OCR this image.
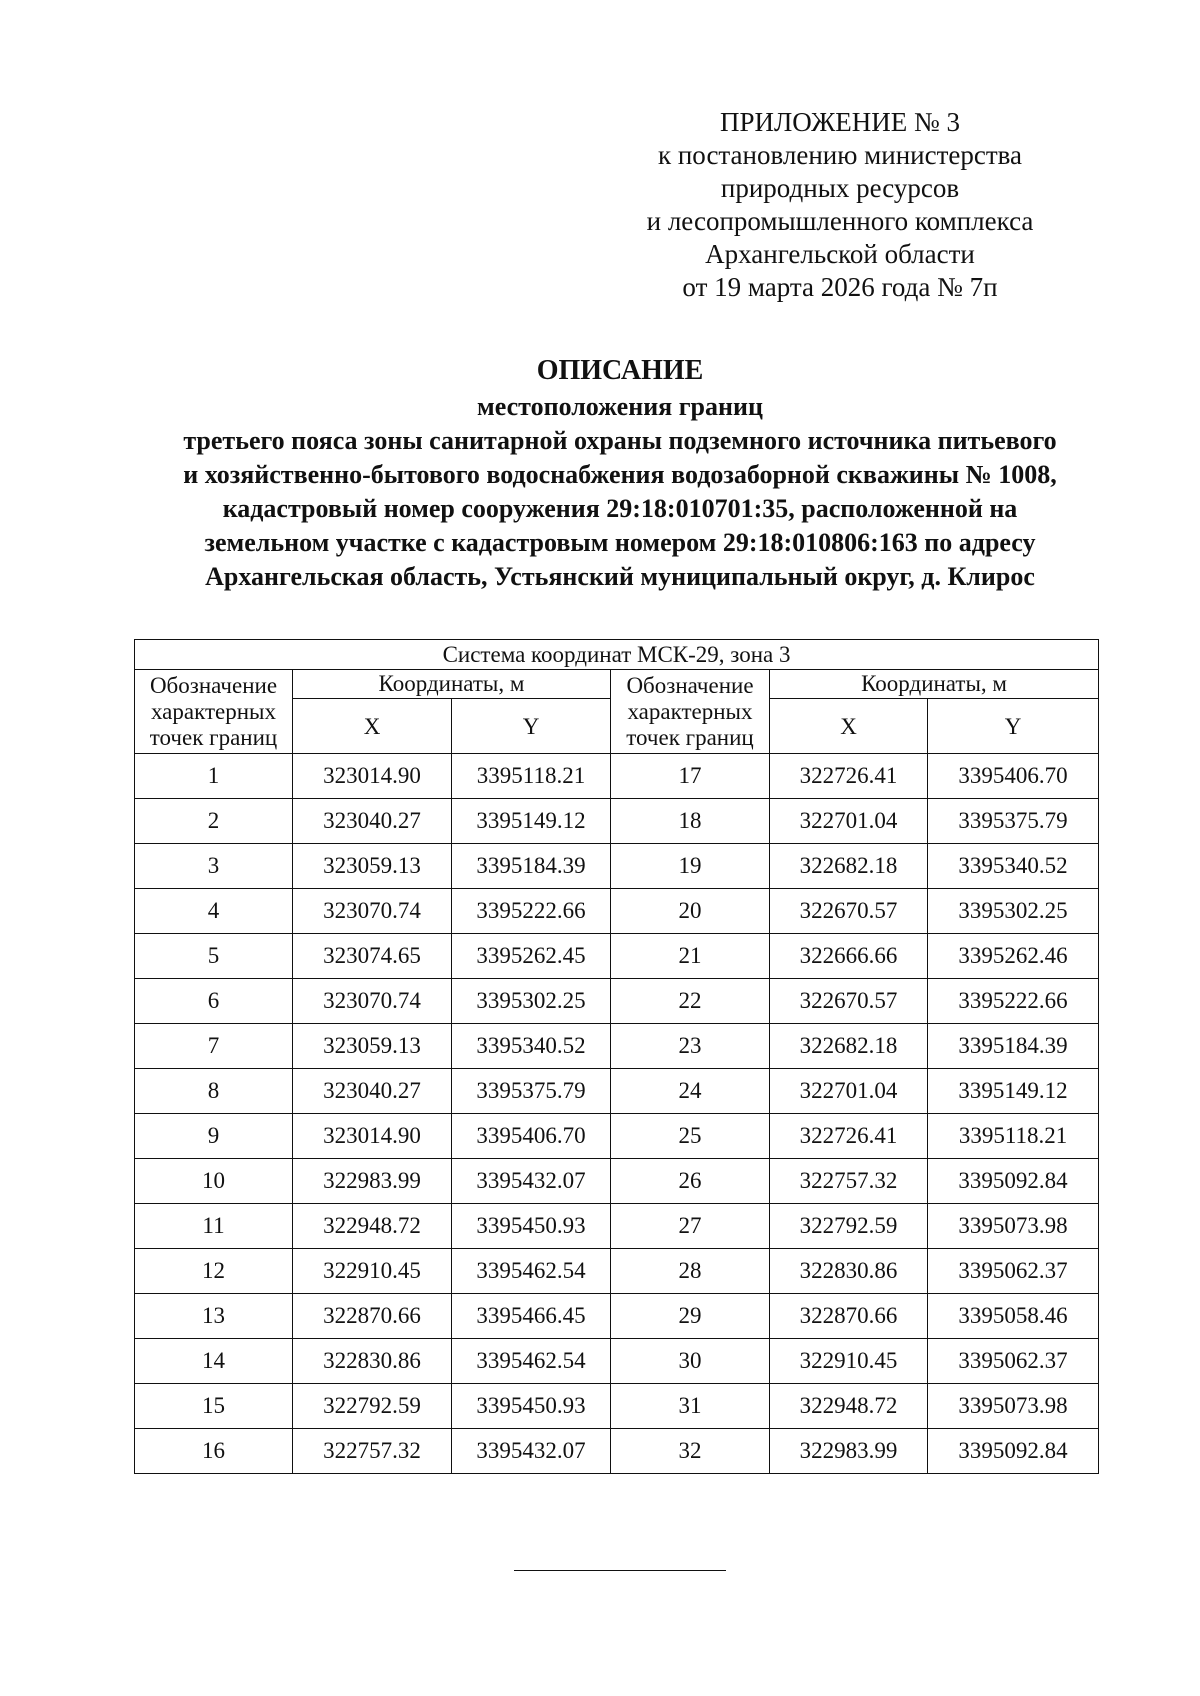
ПРИЛОЖЕНИЕ № 3
к постановлению министерства
природных ресурсов
и лесопромышленного комплекса
Архангельской области
от 19 марта 2026 года № 7п
ОПИСАНИЕ
местоположения границ
третьего пояса зоны санитарной охраны подземного источника питьевого
и хозяйственно-бытового водоснабжения водозаборной скважины № 1008,
кадастровый номер сооружения 29:18:010701:35, расположенной на
земельном участке с кадастровым номером 29:18:010806:163 по адресу
Архангельская область, Устьянский муниципальный округ, д. Клирос
Система координат МСК-29, зона 3					
Обозначение характерных точек границ	Координаты, м		Обозначение характерных точек границ	Координаты, м	
	X	Y		X	Y
1	323014.90	3395118.21	17	322726.41	3395406.70
2	323040.27	3395149.12	18	322701.04	3395375.79
3	323059.13	3395184.39	19	322682.18	3395340.52
4	323070.74	3395222.66	20	322670.57	3395302.25
5	323074.65	3395262.45	21	322666.66	3395262.46
6	323070.74	3395302.25	22	322670.57	3395222.66
7	323059.13	3395340.52	23	322682.18	3395184.39
8	323040.27	3395375.79	24	322701.04	3395149.12
9	323014.90	3395406.70	25	322726.41	3395118.21
10	322983.99	3395432.07	26	322757.32	3395092.84
11	322948.72	3395450.93	27	322792.59	3395073.98
12	322910.45	3395462.54	28	322830.86	3395062.37
13	322870.66	3395466.45	29	322870.66	3395058.46
14	322830.86	3395462.54	30	322910.45	3395062.37
15	322792.59	3395450.93	31	322948.72	3395073.98
16	322757.32	3395432.07	32	322983.99	3395092.84
